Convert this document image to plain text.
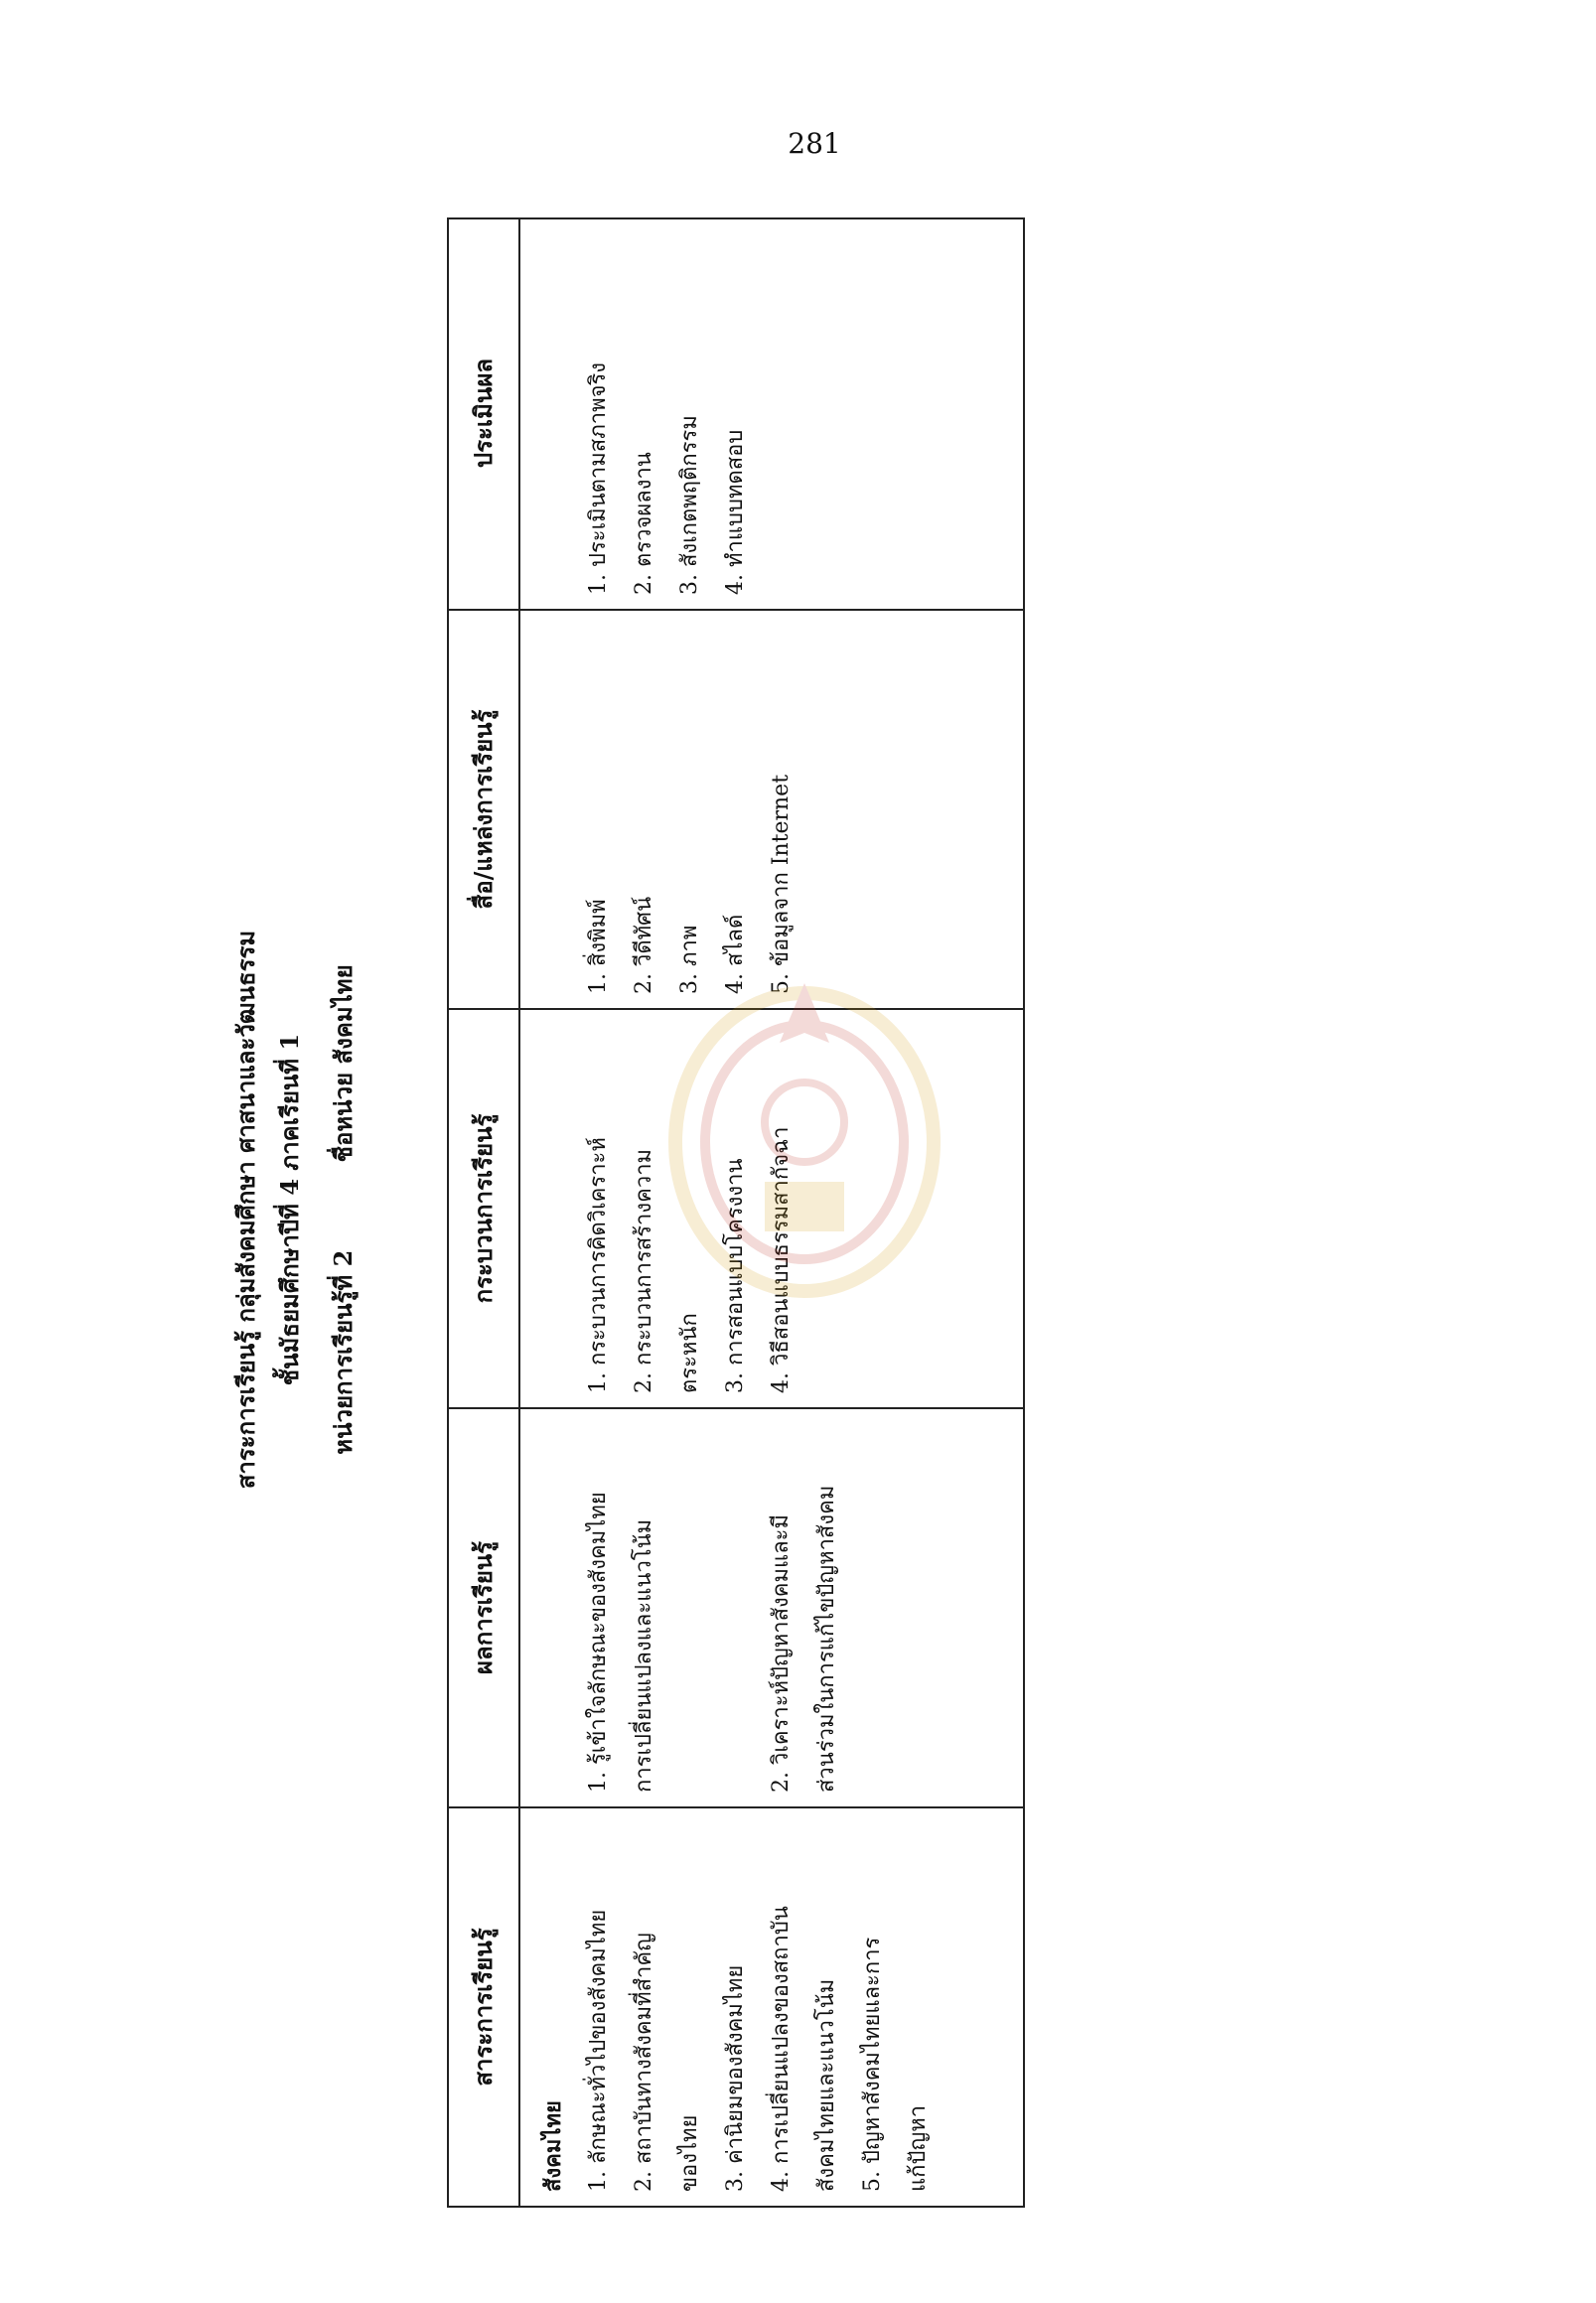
281
สาระการเรียนรู้ กลุ่มสังคมศึกษา ศาสนาและวัฒนธรรม ชั้นมัธยมศึกษาปีที่ 4 ภาคเรียนที่ 1 หน่วยการเรียนรู้ที่ 2 ชื่อหน่วย สังคมไทย
สาระการเรียนรู้
ผลการเรียนรู้
กระบวนการเรียนรู้
สื่อ/แหล่งการเรียนรู้
ประเมินผล
สังคมไทย 1. ลักษณะทั่วไปของสังคมไทย 2. สถาบันทางสังคมที่สำคัญ ของไทย 3. ค่านิยมของสังคมไทย 4. การเปลี่ยนแปลงของสถาบัน สังคมไทยและแนวโน้ม 5. ปัญหาสังคมไทยและการ แก้ปัญหา
1. รู้เข้าใจลักษณะของสังคมไทย การเปลี่ยนแปลงและแนวโน้ม	2. วิเคราะห์ปัญหาสังคมและมี ส่วนร่วมในการแก้ไขปัญหาสังคม
1. กระบวนการคิดวิเคราะห์ 2. กระบวนการสร้างความ ตระหนัก 3. การสอนแบบโครงงาน 4. วิธีสอนแบบธรรมสากัจฉา
1. สิ่งพิมพ์ 2. วีดีทัศน์ 3. ภาพ 4. สไลด์ 5. ข้อมูลจาก Internet
1. ประเมินตามสภาพจริง 2. ตรวจผลงาน 3. สังเกตพฤติกรรม 4. ทำแบบทดสอบ
